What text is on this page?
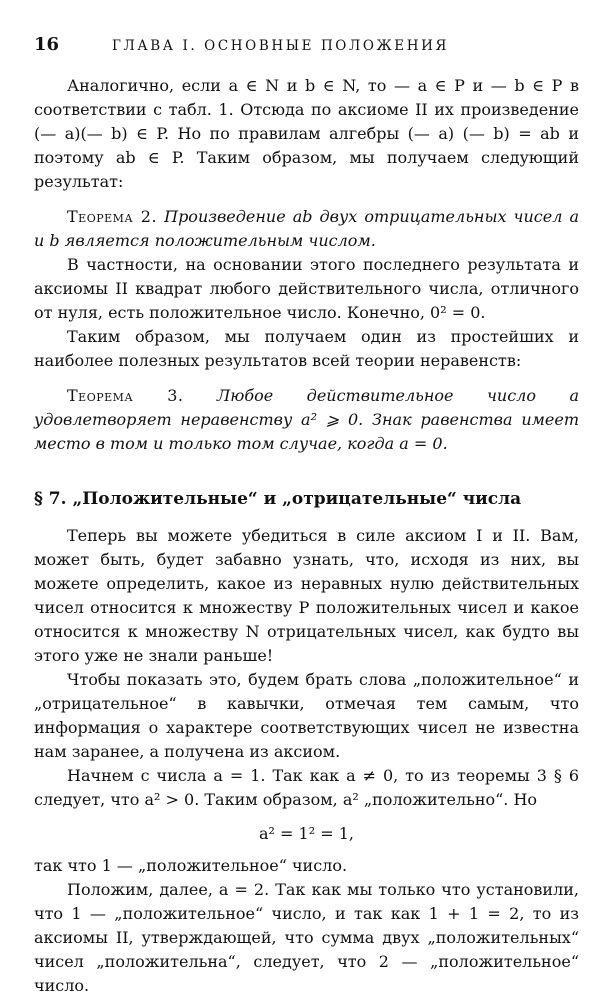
16	ГЛАВА I. ОСНОВНЫЕ ПОЛОЖЕНИЯ

Аналогично, если a ∈ N и b ∈ N, то — a ∈ P и — b ∈ P в соответствии с табл. 1. Отсюда по аксиоме II их произведение (— a)(— b) ∈ P. Но по правилам алгебры (— a) (— b) = ab и поэтому ab ∈ P. Таким образом, мы получаем следующий результат:

Теорема 2. Произведение ab двух отрицательных чисел a и b является положительным числом.

В частности, на основании этого последнего результата и аксиомы II квадрат любого действительного числа, отличного от нуля, есть положительное число. Конечно, 0² = 0.

Таким образом, мы получаем один из простейших и наиболее полезных результатов всей теории неравенств:

Теорема 3. Любое действительное число a удовлетворяет неравенству a² ⩾ 0. Знак равенства имеет место в том и только том случае, когда a = 0.

§ 7. „Положительные“ и „отрицательные“ числа

Теперь вы можете убедиться в силе аксиом I и II. Вам, может быть, будет забавно узнать, что, исходя из них, вы можете определить, какое из неравных нулю действительных чисел относится к множеству P положительных чисел и какое относится к множеству N отрицательных чисел, как будто вы этого уже не знали раньше!

Чтобы показать это, будем брать слова „положительное“ и „отрицательное“ в кавычки, отмечая тем самым, что информация о характере соответствующих чисел не известна нам заранее, а получена из аксиом.

Начнем с числа a = 1. Так как a ≠ 0, то из теоремы 3 § 6 следует, что a² > 0. Таким образом, a² „положительно“. Но

a² = 1² = 1,

так что 1 — „положительное“ число.

Положим, далее, a = 2. Так как мы только что установили, что 1 — „положительное“ число, и так как 1 + 1 = 2, то из аксиомы II, утверждающей, что сумма двух „положительных“ чисел „положительна“, следует, что 2 — „положительное“ число.
